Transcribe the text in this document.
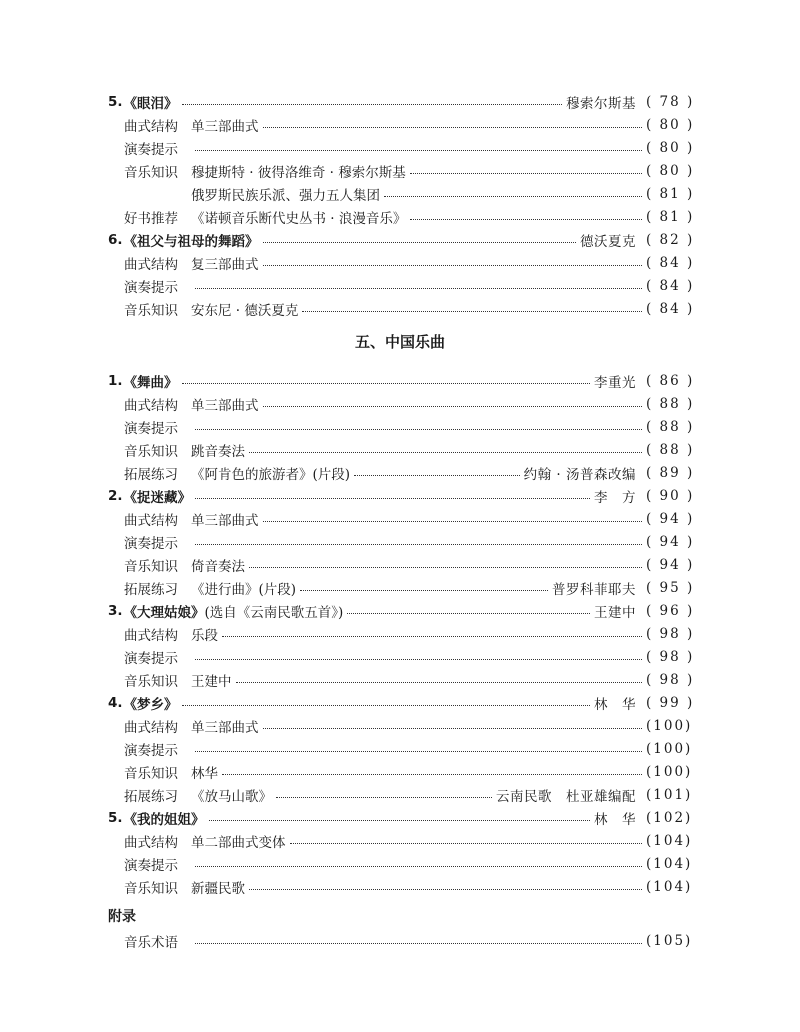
五、中国乐曲
附录
5. 《眼泪》	穆索尔斯基 ( 78 )
曲式结构 单三部曲式	( 80 )
演奏提示	( 80 )
音乐知识 穆捷斯特 · 彼得洛维奇 · 穆索尔斯基	( 80 )
俄罗斯民族乐派、强力五人集团	( 81 )
好书推荐 《诺顿音乐断代史丛书 · 浪漫音乐》	( 81 )
6. 《祖父与祖母的舞蹈》	德沃夏克 ( 82 )
曲式结构 复三部曲式	( 84 )
演奏提示	( 84 )
音乐知识 安东尼 · 德沃夏克	( 84 )
1. 《舞曲》	李重光 ( 86 )
曲式结构 单三部曲式	( 88 )
演奏提示	( 88 )
音乐知识 跳音奏法	( 88 )
拓展练习 《阿肯色的旅游者》(片段)	约翰 · 汤普森改编 ( 89 )
2. 《捉迷藏》	李　方 ( 90 )
曲式结构 单三部曲式	( 94 )
演奏提示	( 94 )
音乐知识 倚音奏法	( 94 )
拓展练习 《进行曲》(片段)	普罗科菲耶夫 ( 95 )
3. 《大理姑娘》 (选自《云南民歌五首》)	王建中 ( 96 )
曲式结构 乐段	( 98 )
演奏提示	( 98 )
音乐知识 王建中	( 98 )
4. 《梦乡》	林　华 ( 99 )
曲式结构 单三部曲式	(100)
演奏提示	(100)
音乐知识 林华	(100)
拓展练习 《放马山歌》	云南民歌　杜亚雄编配 (101)
5. 《我的姐姐》	林　华 (102)
曲式结构 单二部曲式变体	(104)
演奏提示	(104)
音乐知识 新疆民歌	(104)
音乐术语	(105)
